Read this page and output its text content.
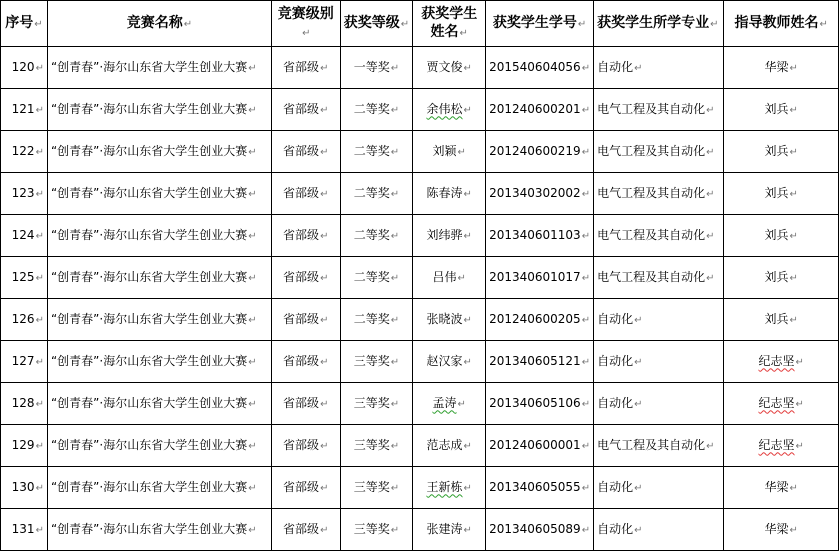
序号↵	竞赛名称↵	竞赛级别↵	获奖等级↵	获奖学生姓名↵	获奖学生学号↵	获奖学生所学专业↵	指导教师姓名↵
120↵	“创青春”·海尔山东省大学生创业大赛↵	省部级↵	一等奖↵	贾文俊↵	201540604056↵	自动化↵	华梁↵
121↵	“创青春”·海尔山东省大学生创业大赛↵	省部级↵	二等奖↵	余伟松↵	201240600201↵	电气工程及其自动化↵	刘兵↵
122↵	“创青春”·海尔山东省大学生创业大赛↵	省部级↵	二等奖↵	刘颖↵	201240600219↵	电气工程及其自动化↵	刘兵↵
123↵	“创青春”·海尔山东省大学生创业大赛↵	省部级↵	二等奖↵	陈春涛↵	201340302002↵	电气工程及其自动化↵	刘兵↵
124↵	“创青春”·海尔山东省大学生创业大赛↵	省部级↵	二等奖↵	刘纬骅↵	201340601103↵	电气工程及其自动化↵	刘兵↵
125↵	“创青春”·海尔山东省大学生创业大赛↵	省部级↵	二等奖↵	吕伟↵	201340601017↵	电气工程及其自动化↵	刘兵↵
126↵	“创青春”·海尔山东省大学生创业大赛↵	省部级↵	二等奖↵	张晓波↵	201240600205↵	自动化↵	刘兵↵
127↵	“创青春”·海尔山东省大学生创业大赛↵	省部级↵	三等奖↵	赵汉家↵	201340605121↵	自动化↵	纪志坚↵
128↵	“创青春”·海尔山东省大学生创业大赛↵	省部级↵	三等奖↵	孟涛↵	201340605106↵	自动化↵	纪志坚↵
129↵	“创青春”·海尔山东省大学生创业大赛↵	省部级↵	三等奖↵	范志成↵	201240600001↵	电气工程及其自动化↵	纪志坚↵
130↵	“创青春”·海尔山东省大学生创业大赛↵	省部级↵	三等奖↵	王新栋↵	201340605055↵	自动化↵	华梁↵
131↵	“创青春”·海尔山东省大学生创业大赛↵	省部级↵	三等奖↵	张建涛↵	201340605089↵	自动化↵	华梁↵
